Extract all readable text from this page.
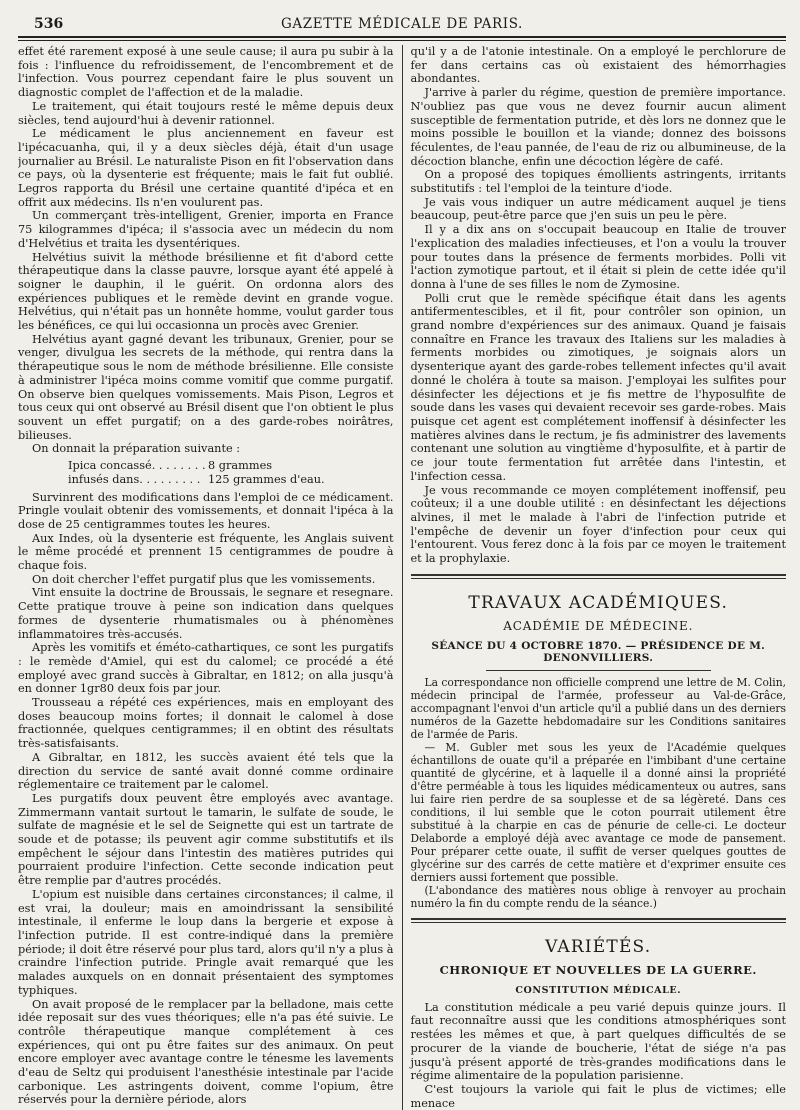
536	GAZETTE MÉDICALE DE PARIS.

effet été rarement exposé à une seule cause; il aura pu subir à la fois : l'influence du refroidissement, de l'encombrement et de l'infection. Vous pourrez cependant faire le plus souvent un diagnostic complet de l'affection et de la maladie.

Le traitement, qui était toujours resté le même depuis deux siècles, tend aujourd'hui à devenir rationnel.

Le médicament le plus anciennement en faveur est l'ipécacuanha, qui, il y a deux siècles déjà, était d'un usage journalier au Brésil. Le naturaliste Pison en fit l'observation dans ce pays, où la dysenterie est fréquente; mais le fait fut oublié. Legros rapporta du Brésil une certaine quantité d'ipéca et en offrit aux médecins. Ils n'en voulurent pas.

Un commerçant très-intelligent, Grenier, importa en France 75 kilogrammes d'ipéca; il s'associa avec un médecin du nom d'Helvétius et traita les dysentériques.

Helvétius suivit la méthode brésilienne et fit d'abord cette thérapeutique dans la classe pauvre, lorsque ayant été appelé à soigner le dauphin, il le guérit. On ordonna alors des expériences publiques et le remède devint en grande vogue. Helvétius, qui n'était pas un honnête homme, voulut garder tous les bénéfices, ce qui lui occasionna un procès avec Grenier.

Helvétius ayant gagné devant les tribunaux, Grenier, pour se venger, divulgua les secrets de la méthode, qui rentra dans la thérapeutique sous le nom de méthode brésilienne. Elle consiste à administrer l'ipéca moins comme vomitif que comme purgatif. On observe bien quelques vomissements. Mais Pison, Legros et tous ceux qui ont observé au Brésil disent que l'on obtient le plus souvent un effet purgatif; on a des garde-robes noirâtres, bilieuses.

On donnait la préparation suivante :

Ipica concassé. . . . . . . . 8 grammes
infusés dans. . . . . . . . . 125 grammes d'eau.

Survinrent des modifications dans l'emploi de ce médicament. Pringle voulait obtenir des vomissements, et donnait l'ipéca à la dose de 25 centigrammes toutes les heures.

Aux Indes, où la dysenterie est fréquente, les Anglais suivent le même procédé et prennent 15 centigrammes de poudre à chaque fois.

On doit chercher l'effet purgatif plus que les vomissements.

Vint ensuite la doctrine de Broussais, le segnare et resegnare. Cette pratique trouve à peine son indication dans quelques formes de dysenterie rhumatismales ou à phénomènes inflammatoires très-accusés.

Après les vomitifs et éméto-cathartiques, ce sont les purgatifs : le remède d'Amiel, qui est du calomel; ce procédé a été employé avec grand succès à Gibraltar, en 1812; on alla jusqu'à en donner 1gr80 deux fois par jour.

Trousseau a répété ces expériences, mais en employant des doses beaucoup moins fortes; il donnait le calomel à dose fractionnée, quelques centigrammes; il en obtint des résultats très-satisfaisants.

A Gibraltar, en 1812, les succès avaient été tels que la direction du service de santé avait donné comme ordinaire réglementaire ce traitement par le calomel.

Les purgatifs doux peuvent être employés avec avantage. Zimmermann vantait surtout le tamarin, le sulfate de soude, le sulfate de magnésie et le sel de Seignette qui est un tartrate de soude et de potasse; ils peuvent agir comme substitutifs et ils empêchent le séjour dans l'intestin des matières putrides qui pourraient produire l'infection. Cette seconde indication peut être remplie par d'autres procédés.

L'opium est nuisible dans certaines circonstances; il calme, il est vrai, la douleur; mais en amoindrissant la sensibilité intestinale, il enferme le loup dans la bergerie et expose à l'infection putride. Il est contre-indiqué dans la première période; il doit être réservé pour plus tard, alors qu'il n'y a plus à craindre l'infection putride. Pringle avait remarqué que les malades auxquels on en donnait présentaient des symptomes typhiques.

On avait proposé de le remplacer par la belladone, mais cette idée reposait sur des vues théoriques; elle n'a pas été suivie. Le contrôle thérapeutique manque complétement à ces expériences, qui ont pu être faites sur des animaux. On peut encore employer avec avantage contre le ténesme les lavements d'eau de Seltz qui produisent l'anesthésie intestinale par l'acide carbonique. Les astringents doivent, comme l'opium, être réservés pour la dernière période, alors

qu'il y a de l'atonie intestinale. On a employé le perchlorure de fer dans certains cas où existaient des hémorrhagies abondantes.

J'arrive à parler du régime, question de première importance. N'oubliez pas que vous ne devez fournir aucun aliment susceptible de fermentation putride, et dès lors ne donnez que le moins possible le bouillon et la viande; donnez des boissons féculentes, de l'eau pannée, de l'eau de riz ou albumineuse, de la décoction blanche, enfin une décoction légère de café.

On a proposé des topiques émollients astringents, irritants substitutifs : tel l'emploi de la teinture d'iode.

Je vais vous indiquer un autre médicament auquel je tiens beaucoup, peut-être parce que j'en suis un peu le père.

Il y a dix ans on s'occupait beaucoup en Italie de trouver l'explication des maladies infectieuses, et l'on a voulu la trouver pour toutes dans la présence de ferments morbides. Polli vit l'action zymotique partout, et il était si plein de cette idée qu'il donna à l'une de ses filles le nom de Zymosine.

Polli crut que le remède spécifique était dans les agents antifermentescibles, et il fit, pour contrôler son opinion, un grand nombre d'expériences sur des animaux. Quand je faisais connaître en France les travaux des Italiens sur les maladies à ferments morbides ou zimotiques, je soignais alors un dysenterique ayant des garde-robes tellement infectes qu'il avait donné le choléra à toute sa maison. J'employai les sulfites pour désinfecter les déjections et je fis mettre de l'hyposulfite de soude dans les vases qui devaient recevoir ses garde-robes. Mais puisque cet agent est complétement inoffensif à désinfecter les matières alvines dans le rectum, je fis administrer des lavements contenant une solution au vingtième d'hyposulfite, et à partir de ce jour toute fermentation fut arrêtée dans l'intestin, et l'infection cessa.

Je vous recommande ce moyen complétement inoffensif, peu coûteux; il a une double utilité : en désinfectant les déjections alvines, il met le malade à l'abri de l'infection putride et l'empêche de devenir un foyer d'infection pour ceux qui l'entourent. Vous ferez donc à la fois par ce moyen le traitement et la prophylaxie.

TRAVAUX ACADÉMIQUES.
ACADÉMIE DE MÉDECINE.
SÉANCE DU 4 OCTOBRE 1870. — PRÉSIDENCE DE M. DENONVILLIERS.

La correspondance non officielle comprend une lettre de M. Colin, médecin principal de l'armée, professeur au Val-de-Grâce, accompagnant l'envoi d'un article qu'il a publié dans un des derniers numéros de la Gazette hebdomadaire sur les Conditions sanitaires de l'armée de Paris.

— M. Gubler met sous les yeux de l'Académie quelques échantillons de ouate qu'il a préparée en l'imbibant d'une certaine quantité de glycérine, et à laquelle il a donné ainsi la propriété d'être perméable à tous les liquides médicamenteux ou autres, sans lui faire rien perdre de sa souplesse et de sa légèreté. Dans ces conditions, il lui semble que le coton pourrait utilement être substitué à la charpie en cas de pénurie de celle-ci. Le docteur Delaborde a employé déjà avec avantage ce mode de pansement. Pour préparer cette ouate, il suffit de verser quelques gouttes de glycérine sur des carrés de cette matière et d'exprimer ensuite ces derniers aussi fortement que possible.

(L'abondance des matières nous oblige à renvoyer au prochain numéro la fin du compte rendu de la séance.)

VARIÉTÉS.
CHRONIQUE ET NOUVELLES DE LA GUERRE.
CONSTITUTION MÉDICALE.

La constitution médicale a peu varié depuis quinze jours. Il faut reconnaître aussi que les conditions atmosphériques sont restées les mêmes et que, à part quelques difficultés de se procurer de la viande de boucherie, l'état de siége n'a pas jusqu'à présent apporté de très-grandes modifications dans le régime alimentaire de la population parisienne.

C'est toujours la variole qui fait le plus de victimes; elle menace
